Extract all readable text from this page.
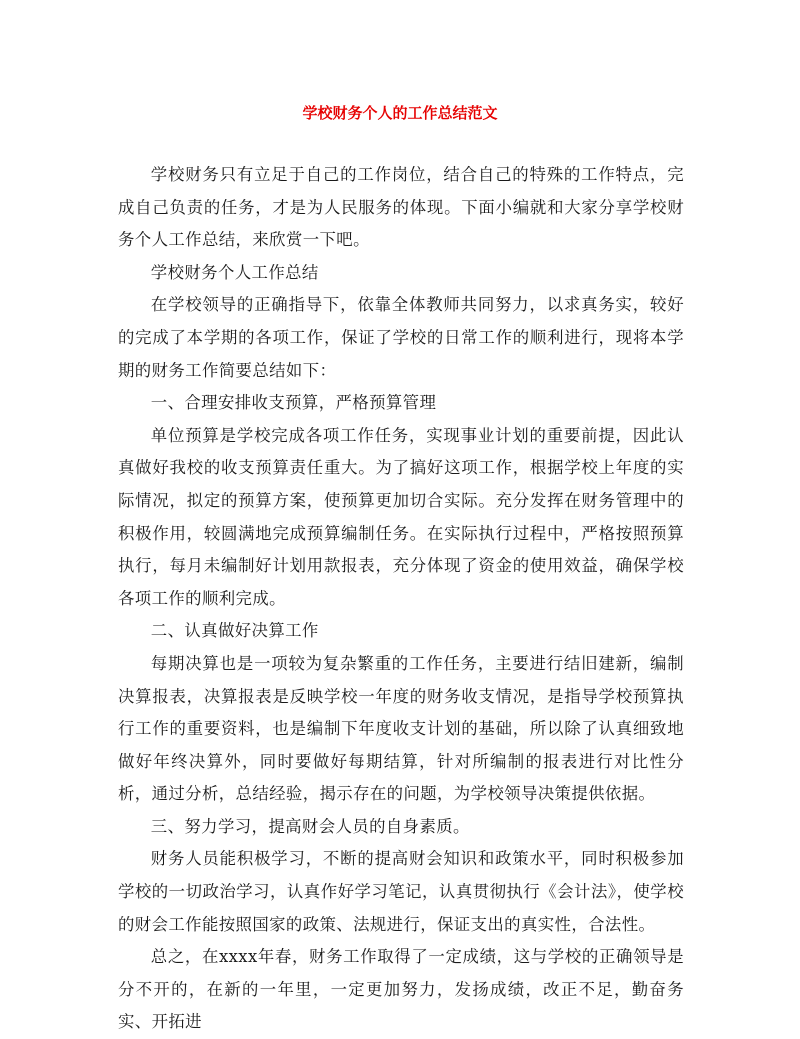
学校财务个人的工作总结范文

学校财务只有立足于自己的工作岗位，结合自己的特殊的工作特点，完成自己负责的任务，才是为人民服务的体现。下面小编就和大家分享学校财务个人工作总结，来欣赏一下吧。

学校财务个人工作总结

在学校领导的正确指导下，依靠全体教师共同努力，以求真务实，较好的完成了本学期的各项工作，保证了学校的日常工作的顺利进行，现将本学期的财务工作简要总结如下：

一、合理安排收支预算，严格预算管理

单位预算是学校完成各项工作任务，实现事业计划的重要前提，因此认真做好我校的收支预算责任重大。为了搞好这项工作，根据学校上年度的实际情况，拟定的预算方案，使预算更加切合实际。充分发挥在财务管理中的积极作用，较圆满地完成预算编制任务。在实际执行过程中，严格按照预算执行，每月未编制好计划用款报表，充分体现了资金的使用效益，确保学校各项工作的顺利完成。

二、认真做好决算工作

每期决算也是一项较为复杂繁重的工作任务，主要进行结旧建新，编制决算报表，决算报表是反映学校一年度的财务收支情况，是指导学校预算执行工作的重要资料，也是编制下年度收支计划的基础，所以除了认真细致地做好年终决算外，同时要做好每期结算，针对所编制的报表进行对比性分析，通过分析，总结经验，揭示存在的问题，为学校领导决策提供依据。

三、努力学习，提高财会人员的自身素质。

财务人员能积极学习，不断的提高财会知识和政策水平，同时积极参加学校的一切政治学习，认真作好学习笔记，认真贯彻执行《会计法》，使学校的财会工作能按照国家的政策、法规进行，保证支出的真实性，合法性。

总之，在xxxx年春，财务工作取得了一定成绩，这与学校的正确领导是分不开的，在新的一年里，一定更加努力，发扬成绩，改正不足，勤奋务实、开拓进
